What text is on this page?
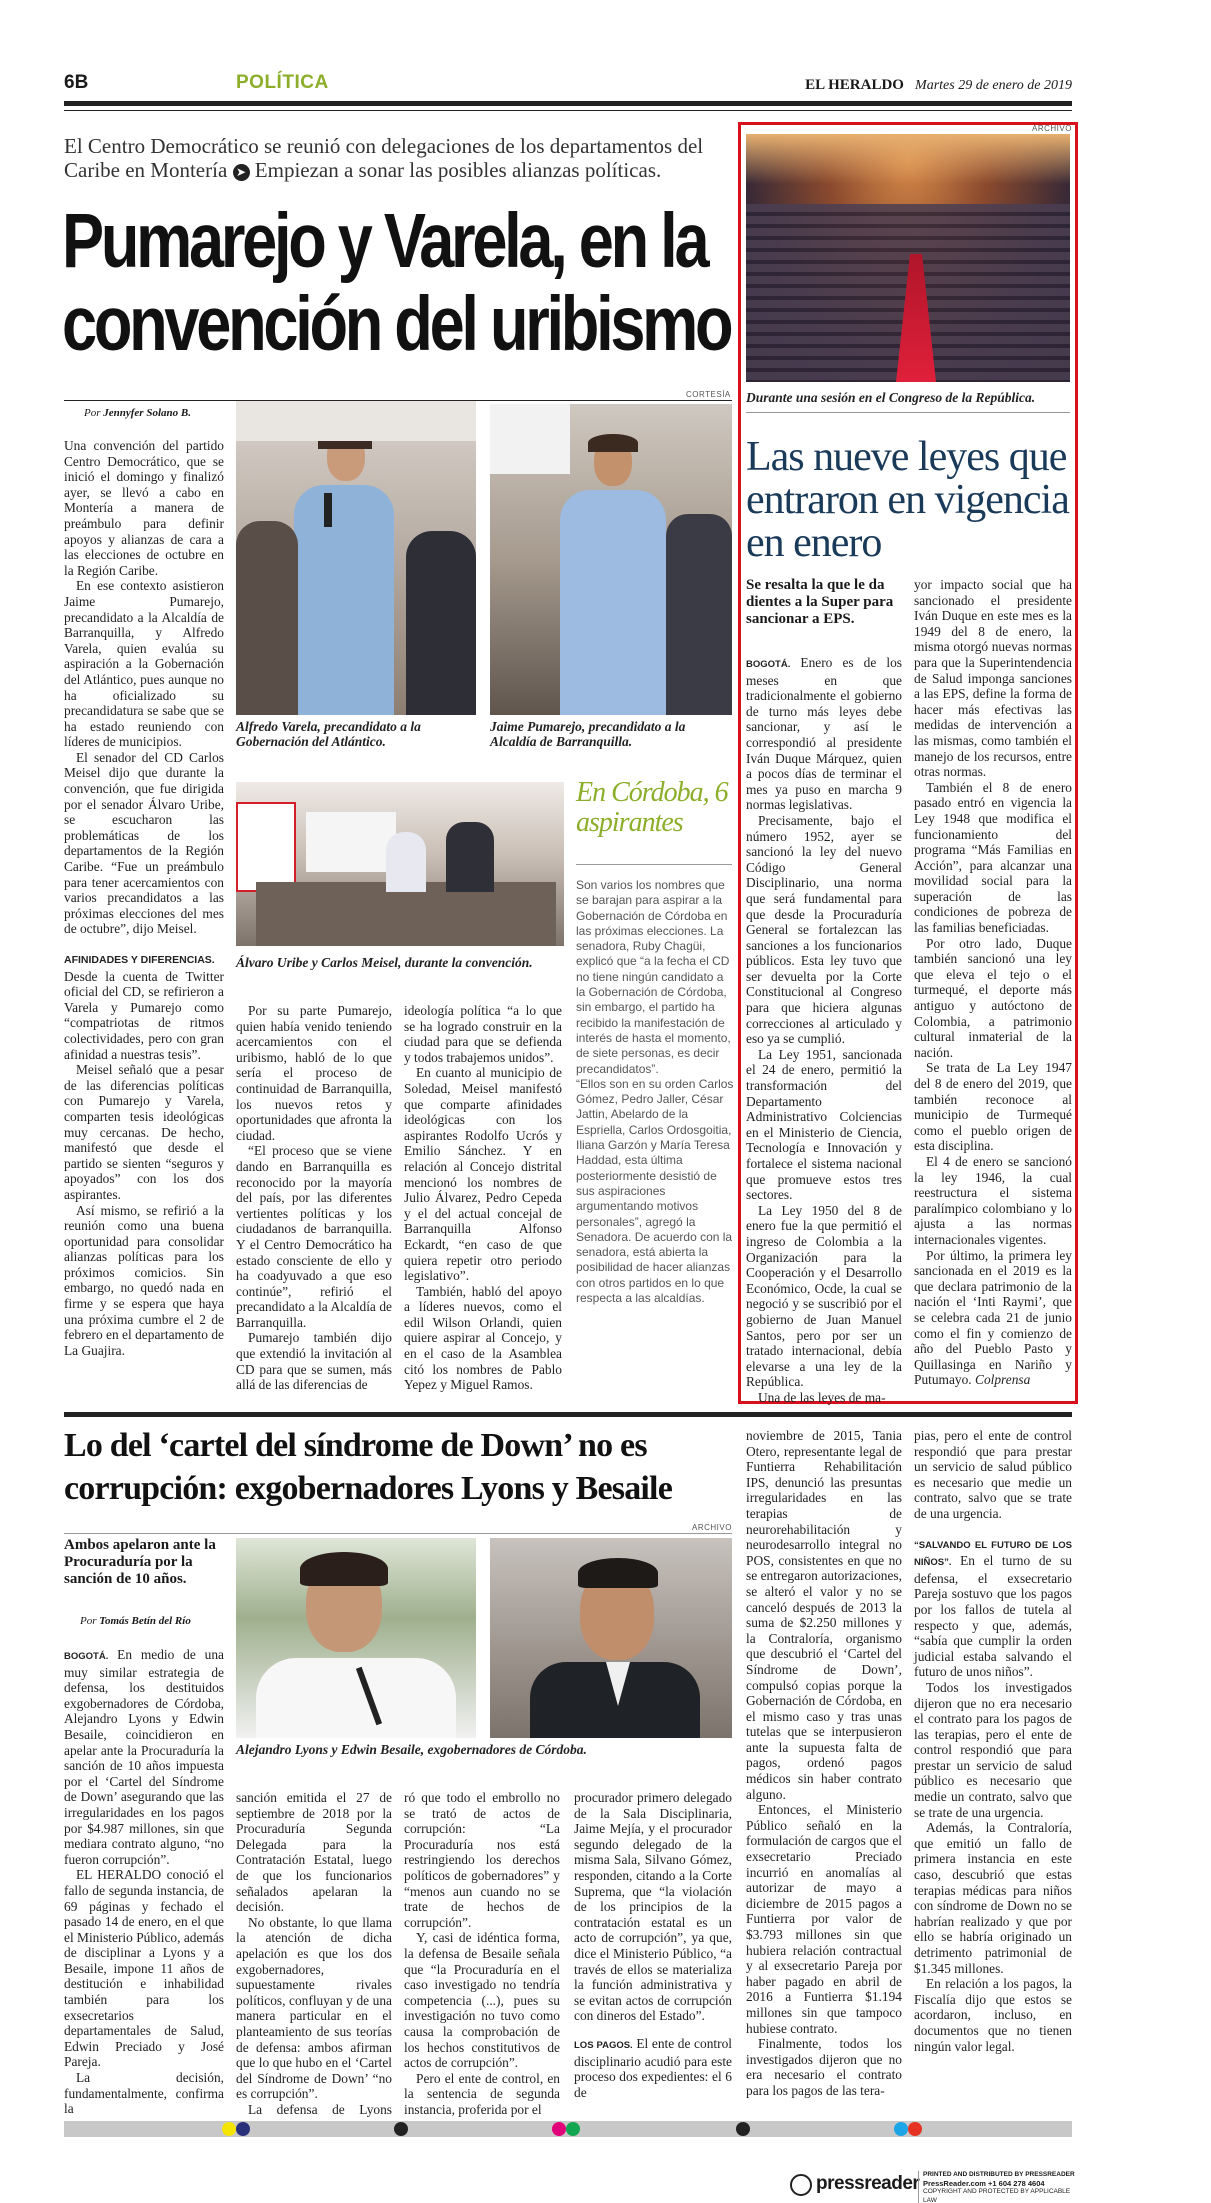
6B	POLÍTICA	EL HERALDO Martes 29 de enero de 2019
El Centro Democrático se reunió con delegaciones de los departamentos del Caribe en Montería ➤ Empiezan a sonar las posibles alianzas políticas.
Pumarejo y Varela, en la
convención del uribismo
CORTESÍA
Por Jennyfer Solano B.

Una convención del partido Centro Democrático, que se inició el domingo y finalizó ayer, se llevó a cabo en Montería a manera de preámbulo para definir apoyos y alianzas de cara a las elecciones de octubre en la Región Caribe.

En ese contexto asistieron Jaime Pumarejo, precandidato a la Alcaldía de Barranquilla, y Alfredo Varela, quien evalúa su aspiración a la Gobernación del Atlántico, pues aunque no ha oficializado su precandidatura se sabe que se ha estado reuniendo con líderes de municipios.

El senador del CD Carlos Meisel dijo que durante la convención, que fue dirigida por el senador Álvaro Uribe, se escucharon las problemáticas de los departamentos de la Región Caribe. “Fue un preámbulo para tener acercamientos con varios precandidatos a las próximas elecciones del mes de octubre”, dijo Meisel.

AFINIDADES Y DIFERENCIAS.

Desde la cuenta de Twitter oficial del CD, se refirieron a Varela y Pumarejo como “compatriotas de ritmos colectividades, pero con gran afinidad a nuestras tesis”.

Meisel señaló que a pesar de las diferencias políticas con Pumarejo y Varela, comparten tesis ideológicas muy cercanas. De hecho, manifestó que desde el partido se sienten “seguros y apoyados” con los dos aspirantes.

Así mismo, se refirió a la reunión como una buena oportunidad para consolidar alianzas políticas para los próximos comicios. Sin embargo, no quedó nada en firme y se espera que haya una próxima cumbre el 2 de febrero en el departamento de La Guajira.

Alfredo Varela, precandidato a la Gobernación del Atlántico.
Jaime Pumarejo, precandidato a la Alcaldía de Barranquilla.
Álvaro Uribe y Carlos Meisel, durante la convención.

Por su parte Pumarejo, quien había venido teniendo acercamientos con el uribismo, habló de lo que sería el proceso de continuidad de Barranquilla, los nuevos retos y oportunidades que afronta la ciudad.

“El proceso que se viene dando en Barranquilla es reconocido por la mayoría del país, por las diferentes vertientes políticas y los ciudadanos de barranquilla. Y el Centro Democrático ha estado consciente de ello y ha coadyuvado a que eso continúe”, refirió el precandidato a la Alcaldía de Barranquilla.

Pumarejo también dijo que extendió la invitación al CD para que se sumen, más allá de las diferencias de

ideología política “a lo que se ha logrado construir en la ciudad para que se defienda y todos trabajemos unidos”.

En cuanto al municipio de Soledad, Meisel manifestó que comparte afinidades ideológicas con los aspirantes Rodolfo Ucrós y Emilio Sánchez. Y en relación al Concejo distrital mencionó los nombres de Julio Álvarez, Pedro Cepeda y el del actual concejal de Barranquilla Alfonso Eckardt, “en caso de que quiera repetir otro periodo legislativo”.

También, habló del apoyo a líderes nuevos, como el edil Wilson Orlandi, quien quiere aspirar al Concejo, y en el caso de la Asamblea citó los nombres de Pablo Yepez y Miguel Ramos.

En Córdoba, 6 aspirantes

Son varios los nombres que se barajan para aspirar a la Gobernación de Córdoba en las próximas elecciones. La senadora, Ruby Chagüi, explicó que “a la fecha el CD no tiene ningún candidato a la Gobernación de Córdoba, sin embargo, el partido ha recibido la manifestación de interés de hasta el momento, de siete personas, es decir precandidatos”.

“Ellos son en su orden Carlos Gómez, Pedro Jaller, César Jattin, Abelardo de la Espriella, Carlos Ordosgoitia, Iliana Garzón y María Teresa Haddad, esta última posteriormente desistió de sus aspiraciones argumentando motivos personales”, agregó la Senadora. De acuerdo con la senadora, está abierta la posibilidad de hacer alianzas con otros partidos en lo que respecta a las alcaldías.

ARCHIVO
Durante una sesión en el Congreso de la República.
Las nueve leyes que entraron en vigencia en enero
Se resalta la que le da dientes a la Super para sancionar a EPS.

BOGOTÁ. Enero es de los meses en que tradicionalmente el gobierno de turno más leyes debe sancionar, y así le correspondió al presidente Iván Duque Márquez, quien a pocos días de terminar el mes ya puso en marcha 9 normas legislativas.

Precisamente, bajo el número 1952, ayer se sancionó la ley del nuevo Código General Disciplinario, una norma que será fundamental para que desde la Procuraduría General se fortalezcan las sanciones a los funcionarios públicos. Esta ley tuvo que ser devuelta por la Corte Constitucional al Congreso para que hiciera algunas correcciones al articulado y eso ya se cumplió.

La Ley 1951, sancionada el 24 de enero, permitió la transformación del Departamento Administrativo Colciencias en el Ministerio de Ciencia, Tecnología e Innovación y fortalece el sistema nacional que promueve estos tres sectores.

La Ley 1950 del 8 de enero fue la que permitió el ingreso de Colombia a la Organización para la Cooperación y el Desarrollo Económico, Ocde, la cual se negoció y se suscribió por el gobierno de Juan Manuel Santos, pero por ser un tratado internacional, debía elevarse a una ley de la República.

Una de las leyes de ma-

yor impacto social que ha sancionado el presidente Iván Duque en este mes es la 1949 del 8 de enero, la misma otorgó nuevas normas para que la Superintendencia de Salud imponga sanciones a las EPS, define la forma de hacer más efectivas las medidas de intervención a las mismas, como también el manejo de los recursos, entre otras normas.

También el 8 de enero pasado entró en vigencia la Ley 1948 que modifica el funcionamiento del programa “Más Familias en Acción”, para alcanzar una movilidad social para la superación de las condiciones de pobreza de las familias beneficiadas.

Por otro lado, Duque también sancionó una ley que eleva el tejo o el turmequé, el deporte más antiguo y autóctono de Colombia, a patrimonio cultural inmaterial de la nación.

Se trata de La Ley 1947 del 8 de enero del 2019, que también reconoce al municipio de Turmequé como el pueblo origen de esta disciplina.

El 4 de enero se sancionó la ley 1946, la cual reestructura el sistema paralímpico colombiano y lo ajusta a las normas internacionales vigentes.

Por último, la primera ley sancionada en el 2019 es la que declara patrimonio de la nación el ‘Inti Raymi’, que se celebra cada 21 de junio como el fin y comienzo de año del Pueblo Pasto y Quillasinga en Nariño y Putumayo. Colprensa

Lo del ‘cartel del síndrome de Down’ no es corrupción: exgobernadores Lyons y Besaile
ARCHIVO
Ambos apelaron ante la Procuraduría por la sanción de 10 años.
Por Tomás Betín del Río
Alejandro Lyons y Edwin Besaile, exgobernadores de Córdoba.

BOGOTÁ. En medio de una muy similar estrategia de defensa, los destituidos exgobernadores de Córdoba, Alejandro Lyons y Edwin Besaile, coincidieron en apelar ante la Procuraduría la sanción de 10 años impuesta por el ‘Cartel del Síndrome de Down’ asegurando que las irregularidades en los pagos por $4.987 millones, sin que mediara contrato alguno, “no fueron corrupción”.

EL HERALDO conoció el fallo de segunda instancia, de 69 páginas y fechado el pasado 14 de enero, en el que el Ministerio Público, además de disciplinar a Lyons y a Besaile, impone 11 años de destitución e inhabilidad también para los exsecretarios departamentales de Salud, Edwin Preciado y José Pareja.

La decisión, fundamentalmente, confirma la

sanción emitida el 27 de septiembre de 2018 por la Procuraduría Segunda Delegada para la Contratación Estatal, luego de que los funcionarios señalados apelaran la decisión.

No obstante, lo que llama la atención de dicha apelación es que los dos exgobernadores, supuestamente rivales políticos, confluyan y de una manera particular en el planteamiento de sus teorías de defensa: ambos afirman que lo que hubo en el ‘Cartel del Síndrome de Down’ “no es corrupción”.

La defensa de Lyons

ró que todo el embrollo no se trató de actos de corrupción: “La Procuraduría nos está restringiendo los derechos políticos de gobernadores” y “menos aun cuando no se trate de hechos de corrupción”.

Y, casi de idéntica forma, la defensa de Besaile señala que “la Procuraduría en el caso investigado no tendría competencia (...), pues su investigación no tuvo como causa la comprobación de los hechos constitutivos de actos de corrupción”.

Pero el ente de control, en la sentencia de segunda instancia, proferida por el

procurador primero delegado de la Sala Disciplinaria, Jaime Mejía, y el procurador segundo delegado de la misma Sala, Silvano Gómez, responden, citando a la Corte Suprema, que “la violación de los principios de la contratación estatal es un acto de corrupción”, ya que, dice el Ministerio Público, “a través de ellos se materializa la función administrativa y se evitan actos de corrupción con dineros del Estado”.

LOS PAGOS. El ente de control disciplinario acudió para este proceso dos expedientes: el 6 de

noviembre de 2015, Tania Otero, representante legal de Funtierra Rehabilitación IPS, denunció las presuntas irregularidades en las terapias de neurorehabilitación y neurodesarrollo integral no POS, consistentes en que no se entregaron autorizaciones, se alteró el valor y no se canceló después de 2013 la suma de $2.250 millones y la Contraloría, organismo que descubrió el ‘Cartel del Síndrome de Down’, compulsó copias porque la Gobernación de Córdoba, en el mismo caso y tras unas tutelas que se interpusieron ante la supuesta falta de pagos, ordenó pagos médicos sin haber contrato alguno.

Entonces, el Ministerio Público señaló en la formulación de cargos que el exsecretario Preciado incurrió en anomalías al autorizar de mayo a diciembre de 2015 pagos a Funtierra por valor de $3.793 millones sin que hubiera relación contractual y al exsecretario Pareja por haber pagado en abril de 2016 a Funtierra $1.194 millones sin que tampoco hubiese contrato.

Finalmente, todos los investigados dijeron que no era necesario el contrato para los pagos de las tera-

pias, pero el ente de control respondió que para prestar un servicio de salud público es necesario que medie un contrato, salvo que se trate de una urgencia.

“SALVANDO EL FUTURO DE LOS NIÑOS”. En el turno de su defensa, el exsecretario Pareja sostuvo que los pagos por los fallos de tutela al respecto y que, además, “sabía que cumplir la orden judicial estaba salvando el futuro de unos niños”.

Todos los investigados dijeron que no era necesario el contrato para los pagos de las terapias, pero el ente de control respondió que para prestar un servicio de salud público es necesario que medie un contrato, salvo que se trate de una urgencia.

Además, la Contraloría, que emitió un fallo de primera instancia en este caso, descubrió que estas terapias médicas para niños con síndrome de Down no se habrían realizado y que por ello se habría originado un detrimento patrimonial de $1.345 millones.

En relación a los pagos, la Fiscalía dijo que estos se acordaron, incluso, en documentos que no tienen ningún valor legal.

pressreader PRINTED AND DISTRIBUTED BY PRESSREADER
PressReader.com +1 604 278 4604
COPYRIGHT AND PROTECTED BY APPLICABLE LAW
